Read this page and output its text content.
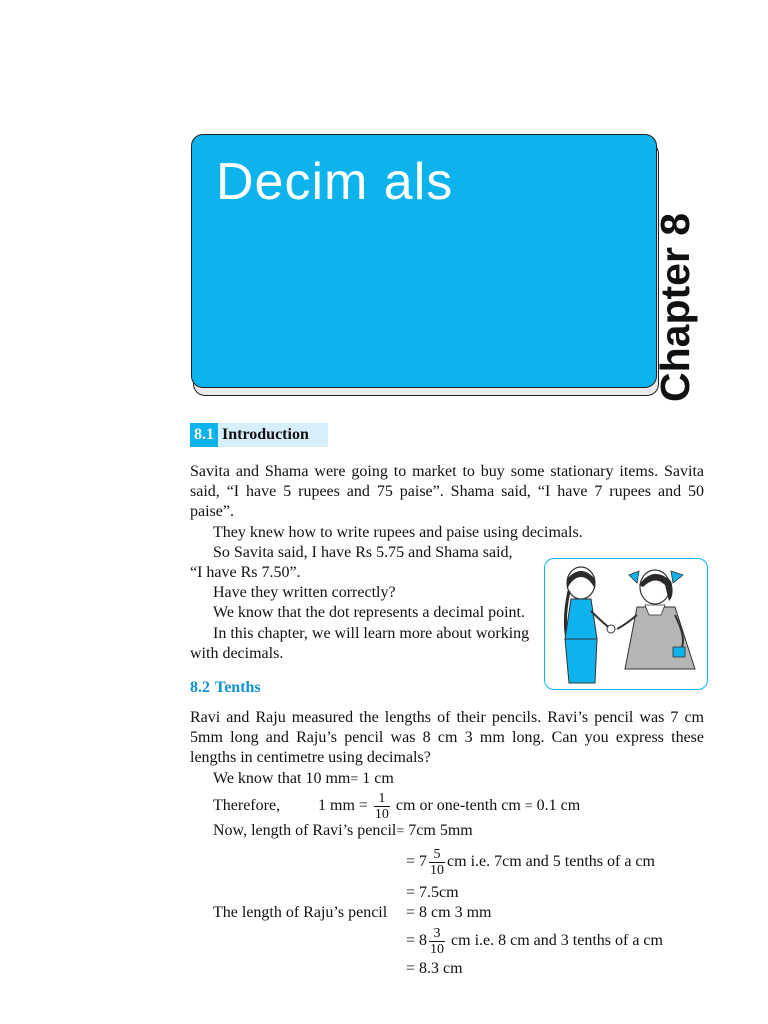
Decim als
Chapter 8
8.1 Introduction
Savita and Shama were going to market to buy some stationary items. Savita said, “I have 5 rupees and 75 paise”. Shama said, “I have 7 rupees and 50 paise”.
They knew how to write rupees and paise using decimals.
So Savita said, I have Rs 5.75 and Shama said,
“I have Rs 7.50”.
Have they written correctly?
We know that the dot represents a decimal point.
In this chapter, we will learn more about working
with decimals.
8.2 Tenths
Ravi and Raju measured the lengths of their pencils. Ravi’s pencil was 7 cm 5mm long and Raju’s pencil was 8 cm 3 mm long. Can you express these lengths in centimetre using decimals?
We know that 10 mm= 1 cm
Therefore, 1 mm = $\frac{1}{10}$ cm or one-tenth cm = 0.1 cm
Now, length of Ravi’s pencil= 7cm 5mm
= $7 \frac{5}{10}$ cm i.e. 7cm and 5 tenths of a cm
= 7.5cm
The length of Raju’s pencil = 8 cm 3 mm
= $8 \frac{3}{10}$ cm i.e. 8 cm and 3 tenths of a cm
= 8.3 cm
